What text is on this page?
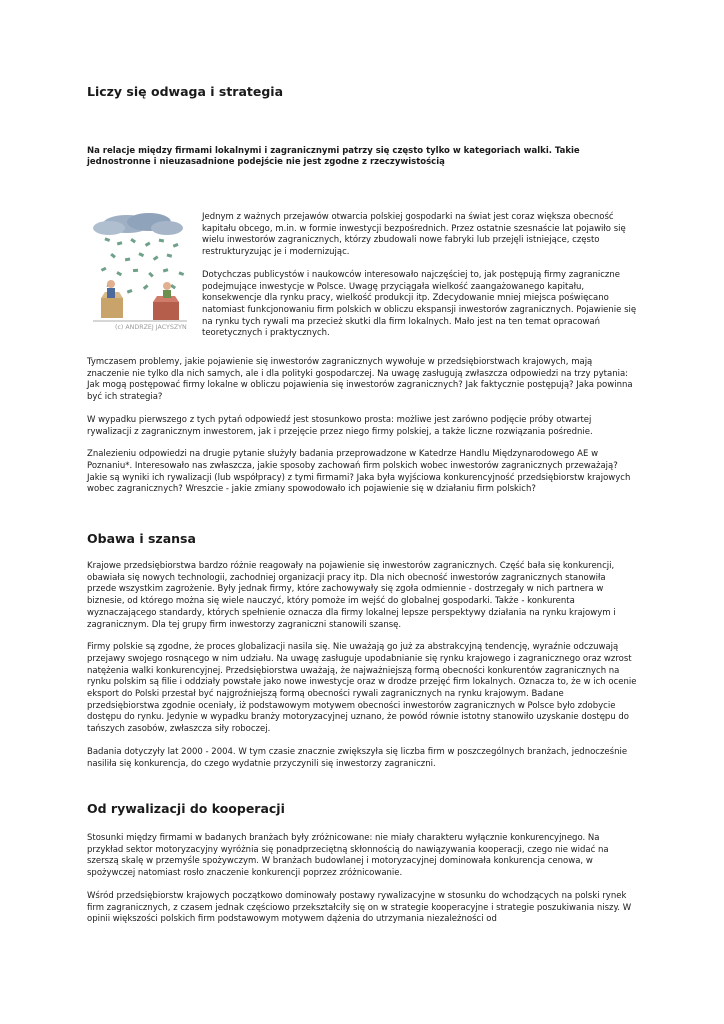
Liczy się odwaga i strategia

Na relacje między firmami lokalnymi i zagranicznymi patrzy się często tylko w kategoriach walki. Takie jednostronne i nieuzasadnione podejście nie jest zgodne z rzeczywistością

(c) ANDRZEJ JACYSZYN

Jednym z ważnych przejawów otwarcia polskiej gospodarki na świat jest coraz większa obecność kapitału obcego, m.in. w formie inwestycji bezpośrednich. Przez ostatnie szesnaście lat pojawiło się wielu inwestorów zagranicznych, którzy zbudowali nowe fabryki lub przejęli istniejące, często restrukturyzując je i modernizując.

Dotychczas publicystów i naukowców interesowało najczęściej to, jak postępują firmy zagraniczne podejmujące inwestycje w Polsce. Uwagę przyciągała wielkość zaangażowanego kapitału, konsekwencje dla rynku pracy, wielkość produkcji itp. Zdecydowanie mniej miejsca poświęcano natomiast funkcjonowaniu firm polskich w obliczu ekspansji inwestorów zagranicznych. Pojawienie się na rynku tych rywali ma przecież skutki dla firm lokalnych. Mało jest na ten temat opracowań teoretycznych i praktycznych.

Tymczasem problemy, jakie pojawienie się inwestorów zagranicznych wywołuje w przedsiębiorstwach krajowych, mają znaczenie nie tylko dla nich samych, ale i dla polityki gospodarczej. Na uwagę zasługują zwłaszcza odpowiedzi na trzy pytania: Jak mogą postępować firmy lokalne w obliczu pojawienia się inwestorów zagranicznych? Jak faktycznie postępują? Jaka powinna być ich strategia?

W wypadku pierwszego z tych pytań odpowiedź jest stosunkowo prosta: możliwe jest zarówno podjęcie próby otwartej rywalizacji z zagranicznym inwestorem, jak i przejęcie przez niego firmy polskiej, a także liczne rozwiązania pośrednie.

Znalezieniu odpowiedzi na drugie pytanie służyły badania przeprowadzone w Katedrze Handlu Międzynarodowego AE w Poznaniu*. Interesowało nas zwłaszcza, jakie sposoby zachowań firm polskich wobec inwestorów zagranicznych przeważają? Jakie są wyniki ich rywalizacji (lub współpracy) z tymi firmami? Jaka była wyjściowa konkurencyjność przedsiębiorstw krajowych wobec zagranicznych? Wreszcie - jakie zmiany spowodowało ich pojawienie się w działaniu firm polskich?

Obawa i szansa

Krajowe przedsiębiorstwa bardzo różnie reagowały na pojawienie się inwestorów zagranicznych. Część bała się konkurencji, obawiała się nowych technologii, zachodniej organizacji pracy itp. Dla nich obecność inwestorów zagranicznych stanowiła przede wszystkim zagrożenie. Były jednak firmy, które zachowywały się zgoła odmiennie - dostrzegały w nich partnera w biznesie, od którego można się wiele nauczyć, który pomoże im wejść do globalnej gospodarki. Także - konkurenta wyznaczającego standardy, których spełnienie oznacza dla firmy lokalnej lepsze perspektywy działania na rynku krajowym i zagranicznym. Dla tej grupy firm inwestorzy zagraniczni stanowili szansę.

Firmy polskie są zgodne, że proces globalizacji nasila się. Nie uważają go już za abstrakcyjną tendencję, wyraźnie odczuwają przejawy swojego rosnącego w nim udziału. Na uwagę zasługuje upodabnianie się rynku krajowego i zagranicznego oraz wzrost natężenia walki konkurencyjnej. Przedsiębiorstwa uważają, że najważniejszą formą obecności konkurentów zagranicznych na rynku polskim są filie i oddziały powstałe jako nowe inwestycje oraz w drodze przejęć firm lokalnych. Oznacza to, że w ich ocenie eksport do Polski przestał być najgroźniejszą formą obecności rywali zagranicznych na rynku krajowym. Badane przedsiębiorstwa zgodnie oceniały, iż podstawowym motywem obecności inwestorów zagranicznych w Polsce było zdobycie dostępu do rynku. Jedynie w wypadku branży motoryzacyjnej uznano, że powód równie istotny stanowiło uzyskanie dostępu do tańszych zasobów, zwłaszcza siły roboczej.

Badania dotyczyły lat 2000 - 2004. W tym czasie znacznie zwiększyła się liczba firm w poszczególnych branżach, jednocześnie nasiliła się konkurencja, do czego wydatnie przyczynili się inwestorzy zagraniczni.

Od rywalizacji do kooperacji

Stosunki między firmami w badanych branżach były zróżnicowane: nie miały charakteru wyłącznie konkurencyjnego. Na przykład sektor motoryzacyjny wyróżnia się ponadprzeciętną skłonnością do nawiązywania kooperacji, czego nie widać na szerszą skalę w przemyśle spożywczym. W branżach budowlanej i motoryzacyjnej dominowała konkurencja cenowa, w spożywczej natomiast rosło znaczenie konkurencji poprzez zróżnicowanie.

Wśród przedsiębiorstw krajowych początkowo dominowały postawy rywalizacyjne w stosunku do wchodzących na polski rynek firm zagranicznych, z czasem jednak częściowo przekształciły się on w strategie kooperacyjne i strategie poszukiwania niszy. W opinii większości polskich firm podstawowym motywem dążenia do utrzymania niezależności od
